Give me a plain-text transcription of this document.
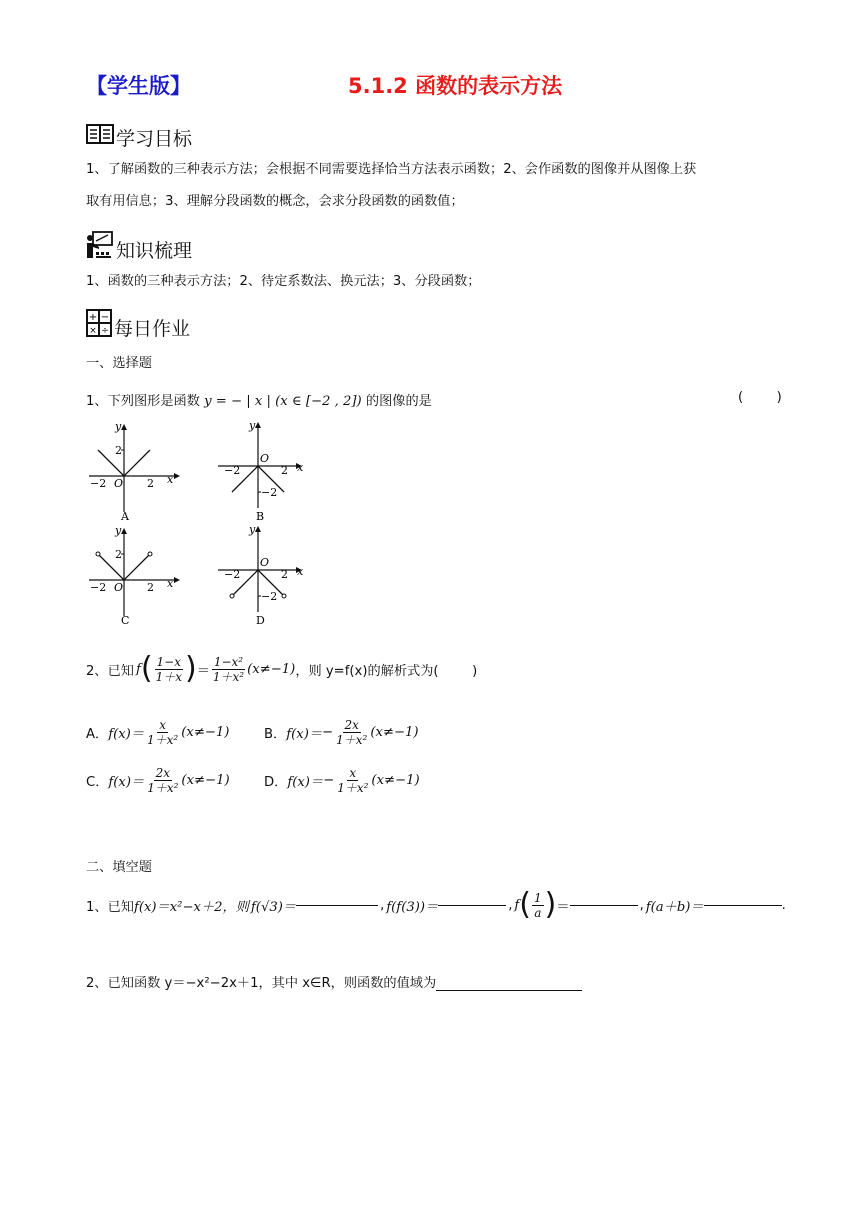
【学生版】	5.1.2 函数的表示方法
学习目标
1、了解函数的三种表示方法；会根据不同需要选择恰当方法表示函数；2、会作函数的图像并从图像上获
取有用信息；3、理解分段函数的概念，会求分段函数的函数值；
知识梳理
1、函数的三种表示方法；2、待定系数法、换元法；3、分段函数；
+ −
× ÷ 每日作业
一、选择题
1、下列图形是函数 y = − | x | (x ∈ [−2 , 2]) 的图像的是	(        )
y
x
O
−2	2
2
A
y
x
O
−2	2
−2
B
y
x
O
−2	2
2
C
y
x
O
−2	2
−2
D
2、已知 f ( $\frac{1-x}{1+x}$ ) ＝ $\frac{\text{1−x²}}{\text{1＋x²}} (x\ne-1)$ ，则 y=f(x)的解析式为(        )
A． $f(x)= \frac{x}{\text{1＋x²}} (x\ne-1)$	B． $f(x)= - \frac{2x}{\text{1＋x²}} (x\ne-1)$
C． $f(x)= \frac{2x}{\text{1＋x²}} (x\ne-1)$	D． $f(x)= - \frac{x}{\text{1＋x²}} (x\ne-1)$
二、填空题
1、已知 f(x)＝x²−x＋2，则 f(√3)＝	, f(f(3))＝	, f ( $\frac{1}{a}$ ) ＝	, f(a＋b)＝	.
2、已知函数 y＝−x²−2x＋1，其中 x∈R，则函数的值域为
